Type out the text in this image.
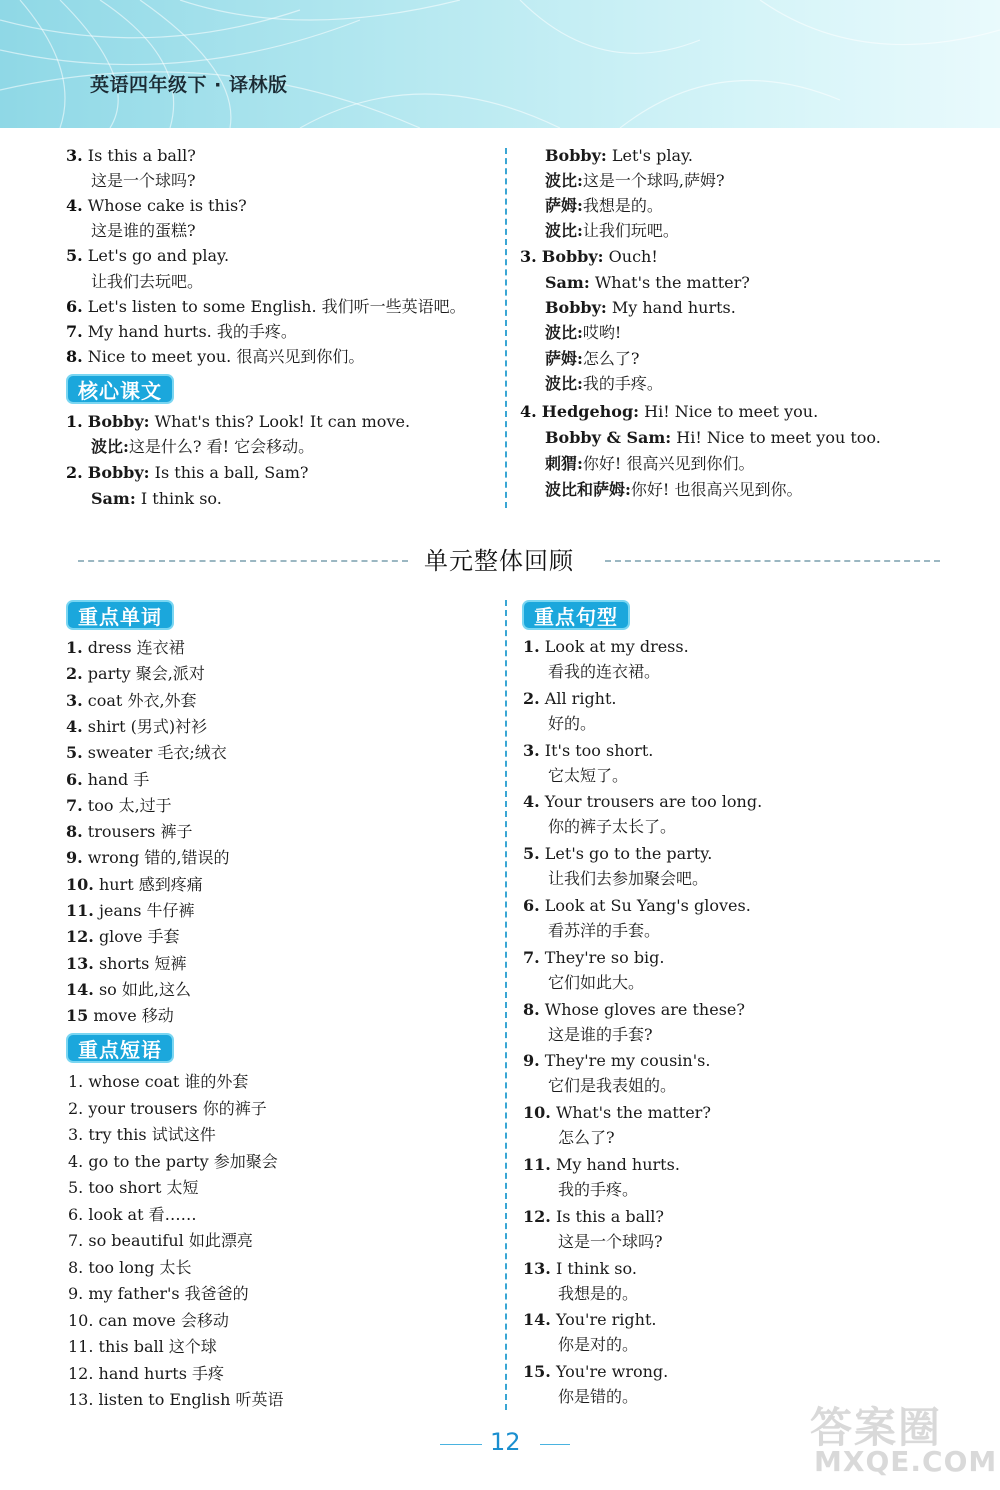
英语四年级下 · 译林版
3. Is this a ball?
这是一个球吗?
4. Whose cake is this?
这是谁的蛋糕?
5. Let's go and play.
让我们去玩吧。
6. Let's listen to some English. 我们听一些英语吧。
7. My hand hurts. 我的手疼。
8. Nice to meet you. 很高兴见到你们。
核心课文
1. Bobby: What's this? Look! It can move.
波比:这是什么? 看! 它会移动。
2. Bobby: Is this a ball, Sam?
Sam: I think so.
Bobby: Let's play.
波比:这是一个球吗,萨姆?
萨姆:我想是的。
波比:让我们玩吧。
3. Bobby: Ouch!
Sam: What's the matter?
Bobby: My hand hurts.
波比:哎哟!
萨姆:怎么了?
波比:我的手疼。
4. Hedgehog: Hi! Nice to meet you.
Bobby & Sam: Hi! Nice to meet you too.
刺猬:你好! 很高兴见到你们。
波比和萨姆:你好! 也很高兴见到你。
单元整体回顾
重点单词
1. dress 连衣裙
2. party 聚会,派对
3. coat 外衣,外套
4. shirt (男式)衬衫
5. sweater 毛衣;绒衣
6. hand 手
7. too 太,过于
8. trousers 裤子
9. wrong 错的,错误的
10. hurt 感到疼痛
11. jeans 牛仔裤
12. glove 手套
13. shorts 短裤
14. so 如此,这么
15 move 移动
重点短语
1. whose coat 谁的外套
2. your trousers 你的裤子
3. try this 试试这件
4. go to the party 参加聚会
5. too short 太短
6. look at 看……
7. so beautiful 如此漂亮
8. too long 太长
9. my father's 我爸爸的
10. can move 会移动
11. this ball 这个球
12. hand hurts 手疼
13. listen to English 听英语
重点句型
1. Look at my dress.
看我的连衣裙。
2. All right.
好的。
3. It's too short.
它太短了。
4. Your trousers are too long.
你的裤子太长了。
5. Let's go to the party.
让我们去参加聚会吧。
6. Look at Su Yang's gloves.
看苏洋的手套。
7. They're so big.
它们如此大。
8. Whose gloves are these?
这是谁的手套?
9. They're my cousin's.
它们是我表姐的。
10. What's the matter?
怎么了?
11. My hand hurts.
我的手疼。
12. Is this a ball?
这是一个球吗?
13. I think so.
我想是的。
14. You're right.
你是对的。
15. You're wrong.
你是错的。
12	答案圈
MXQE.COM
